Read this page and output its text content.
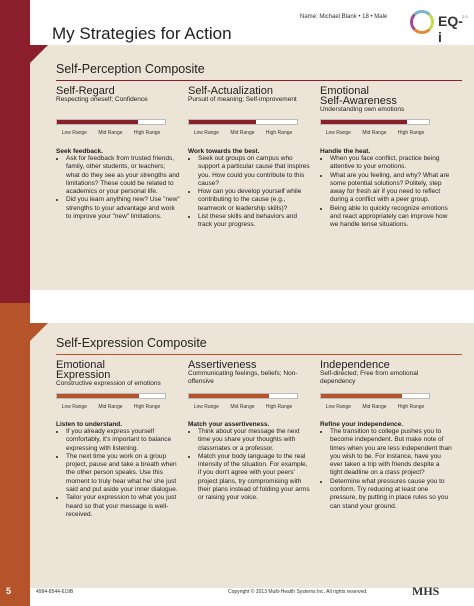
My Strategies for Action
Name: Michael Blank • 18 • Male	EQ-i
2.0
Self-Perception Composite
Self-Regard
Respecting oneself; Confidence
Low Range Mid Range High Range
Seek feedback.
• Ask for feedback from trusted friends, family, other students, or teachers; what do they see as your strengths and limitations? These could be related to academics or your personal life.
• Did you learn anything new? Use "new" strengths to your advantage and work to improve your "new" limitations.
Self-Actualization
Pursuit of meaning; Self-improvement
Low Range Mid Range High Range
Work towards the best.
• Seek out groups on campus who support a particular cause that inspires you. How could you contribute to this cause?
• How can you develop yourself while contributing to the cause (e.g., teamwork or leadership skills)?
• List these skills and behaviors and track your progress.
Emotional
Self-Awareness
Understanding own emotions
Low Range Mid Range High Range
Handle the heat.
• When you face conflict, practice being attentive to your emotions.
• What are you feeling, and why? What are some potential solutions? Politely, step away for fresh air if you need to reflect during a conflict with a peer group.
• Being able to quickly recognize emotions and react appropriately can improve how we handle tense situations.
Self-Expression Composite
Emotional
Expression
Constructive expression of emotions
Low Range Mid Range High Range
Listen to understand.
• If you already express yourself comfortably, it's important to balance expressing with listening.
• The next time you work on a group project, pause and take a breath when the other person speaks. Use this moment to truly hear what he/ she just said and put aside your inner dialogue.
• Tailor your expression to what you just heard so that your message is well-received.
Assertiveness
Communicating feelings, beliefs; Non-offensive
Low Range Mid Range High Range
Match your assertiveness.
• Think about your message the next time you share your thoughts with classmates or a professor.
• Match your body language to the real intensity of the situation. For example, if you don't agree with your peers' project plans, try compromising with their plans instead of folding your arms or raising your voice.
Independence
Self-directed; Free from emotional dependency
Low Range Mid Range High Range
Refine your independence.
• The transition to college pushes you to become independent. But make note of times when you are less independent than you wish to be. For instance, have you ever taken a trip with friends despite a tight deadline on a class project?
• Determine what pressures cause you to conform. Try reducing at least one pressure, by putting in place rules so you can stand your ground.
5	4994-8544-619B	Copyright © 2013 Multi-Health Systems Inc. All rights reserved.	MHS
